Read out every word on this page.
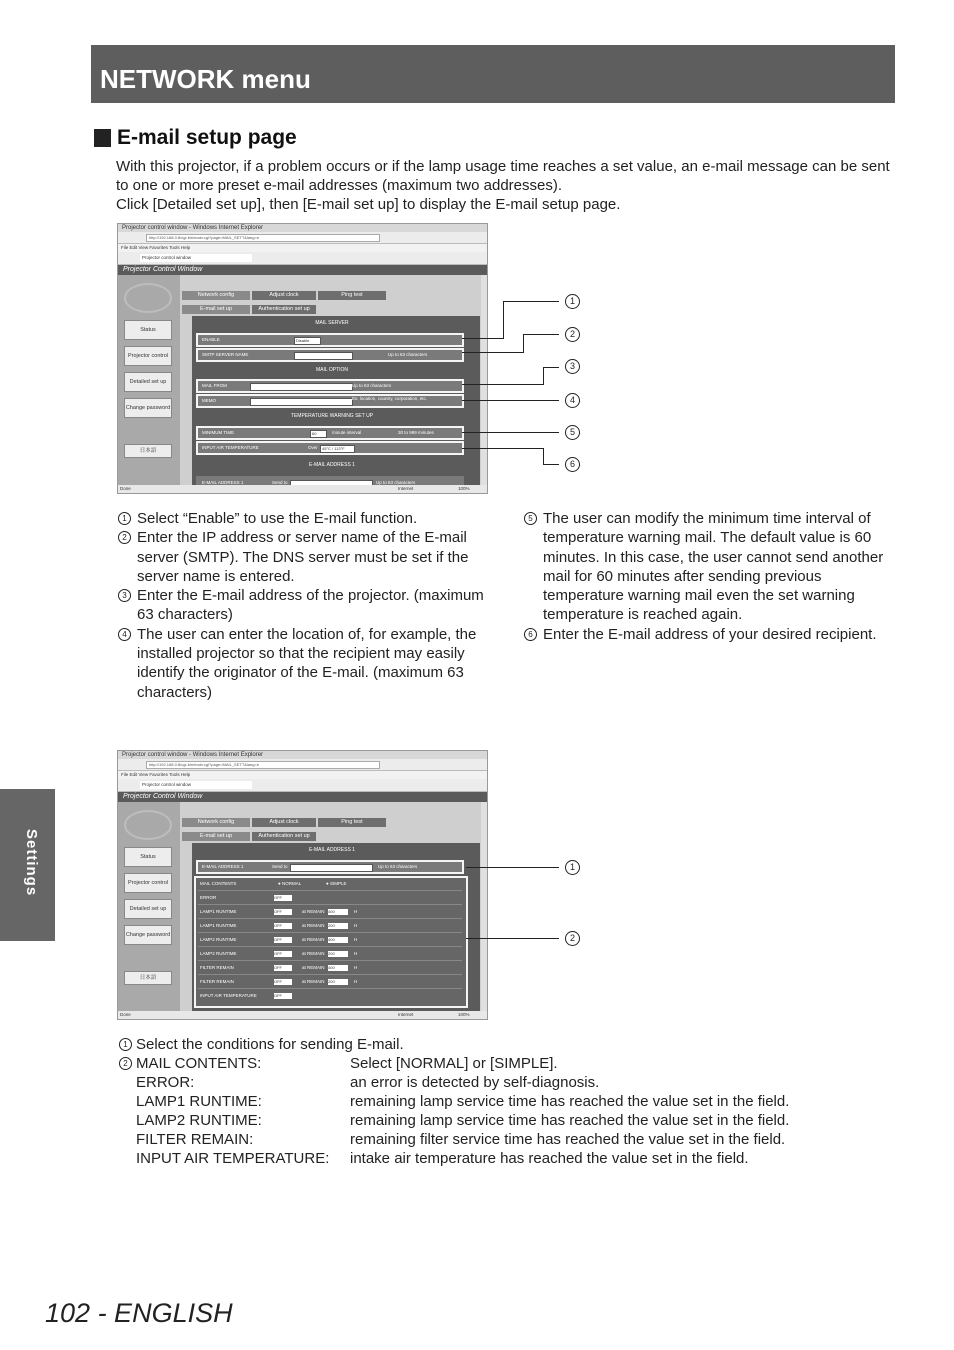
NETWORK menu
E-mail setup page
With this projector, if a problem occurs or if the lamp usage time reaches a set value, an e-mail message can be sent to one or more preset e-mail addresses (maximum two addresses).
Click [Detailed set up], then [E-mail set up] to display the E-mail setup page.
Settings
Projector control window - Windows Internet Explorer
http://192.168.0.8/cgi-bin/main.cgi?page=MAIL_SETT&lang=e
File Edit View Favorites Tools Help
Projector control window
Projector Control Window
Status
Projector control
Detailed set up
Change password
日本語
Network config	Adjust clock	Ping test
E-mail set up	Authentication set up
MAIL SERVER
ENABLE	Disable
SMTP SERVER NAME	Up to 63 characters
MAIL OPTION
MAIL FROM	Up to 63 characters
MEMO	Ex. location, country, corporation, etc.
TEMPERATURE WARNING SET UP
MINIMUM TIME	60	minute interval	30 to 999 minutes
INPUT AIR TEMPERATURE	Over	45°C / 113°F
E-MAIL ADDRESS 1
E-MAIL ADDRESS 1	Send to	Up to 63 characters
Done	Internet	100%
1
2
3
4
5
6
1 Select “Enable” to use the E-mail function.
2 Enter the IP address or server name of the E-mail server (SMTP). The DNS server must be set if the server name is entered.
3 Enter the E-mail address of the projector. (maximum 63 characters)
4 The user can enter the location of, for example, the installed projector so that the recipient may easily identify the originator of the E-mail. (maximum 63 characters)
5 The user can modify the minimum time interval of temperature warning mail. The default value is 60 minutes. In this case, the user cannot send another mail for 60 minutes after sending previous temperature warning mail even the set warning temperature is reached again.
6 Enter the E-mail address of your desired recipient.
Projector control window - Windows Internet Explorer
http://192.168.0.8/cgi-bin/main.cgi?page=MAIL_SETT&lang=e
File Edit View Favorites Tools Help
Projector control window
Projector Control Window
Status
Projector control
Detailed set up
Change password
日本語
Network config	Adjust clock	Ping test
E-mail set up	Authentication set up
E-MAIL ADDRESS 1
E-MAIL ADDRESS 1	Send to	Up to 63 characters
MAIL CONTENTS	● NORMAL	● SIMPLE
ERROR	OFF
LAMP1 RUNTIME	OFF	at REMAIN 400	H
LAMP1 RUNTIME	OFF	at REMAIN 200	H
LAMP2 RUNTIME	OFF	at REMAIN 400	H
LAMP2 RUNTIME	OFF	at REMAIN 200	H
FILTER REMAIN	OFF	at REMAIN 400	H
FILTER REMAIN	OFF	at REMAIN 200	H
INPUT AIR TEMPERATURE	OFF
Done	Internet	100%
1
2
1 Select the conditions for sending E-mail.
2 MAIL CONTENTS:	Select [NORMAL] or [SIMPLE].
ERROR:	an error is detected by self-diagnosis.
LAMP1 RUNTIME:	remaining lamp service time has reached the value set in the field.
LAMP2 RUNTIME:	remaining lamp service time has reached the value set in the field.
FILTER REMAIN:	remaining filter service time has reached the value set in the field.
INPUT AIR TEMPERATURE: intake air temperature has reached the value set in the field.
102 - ENGLISH
